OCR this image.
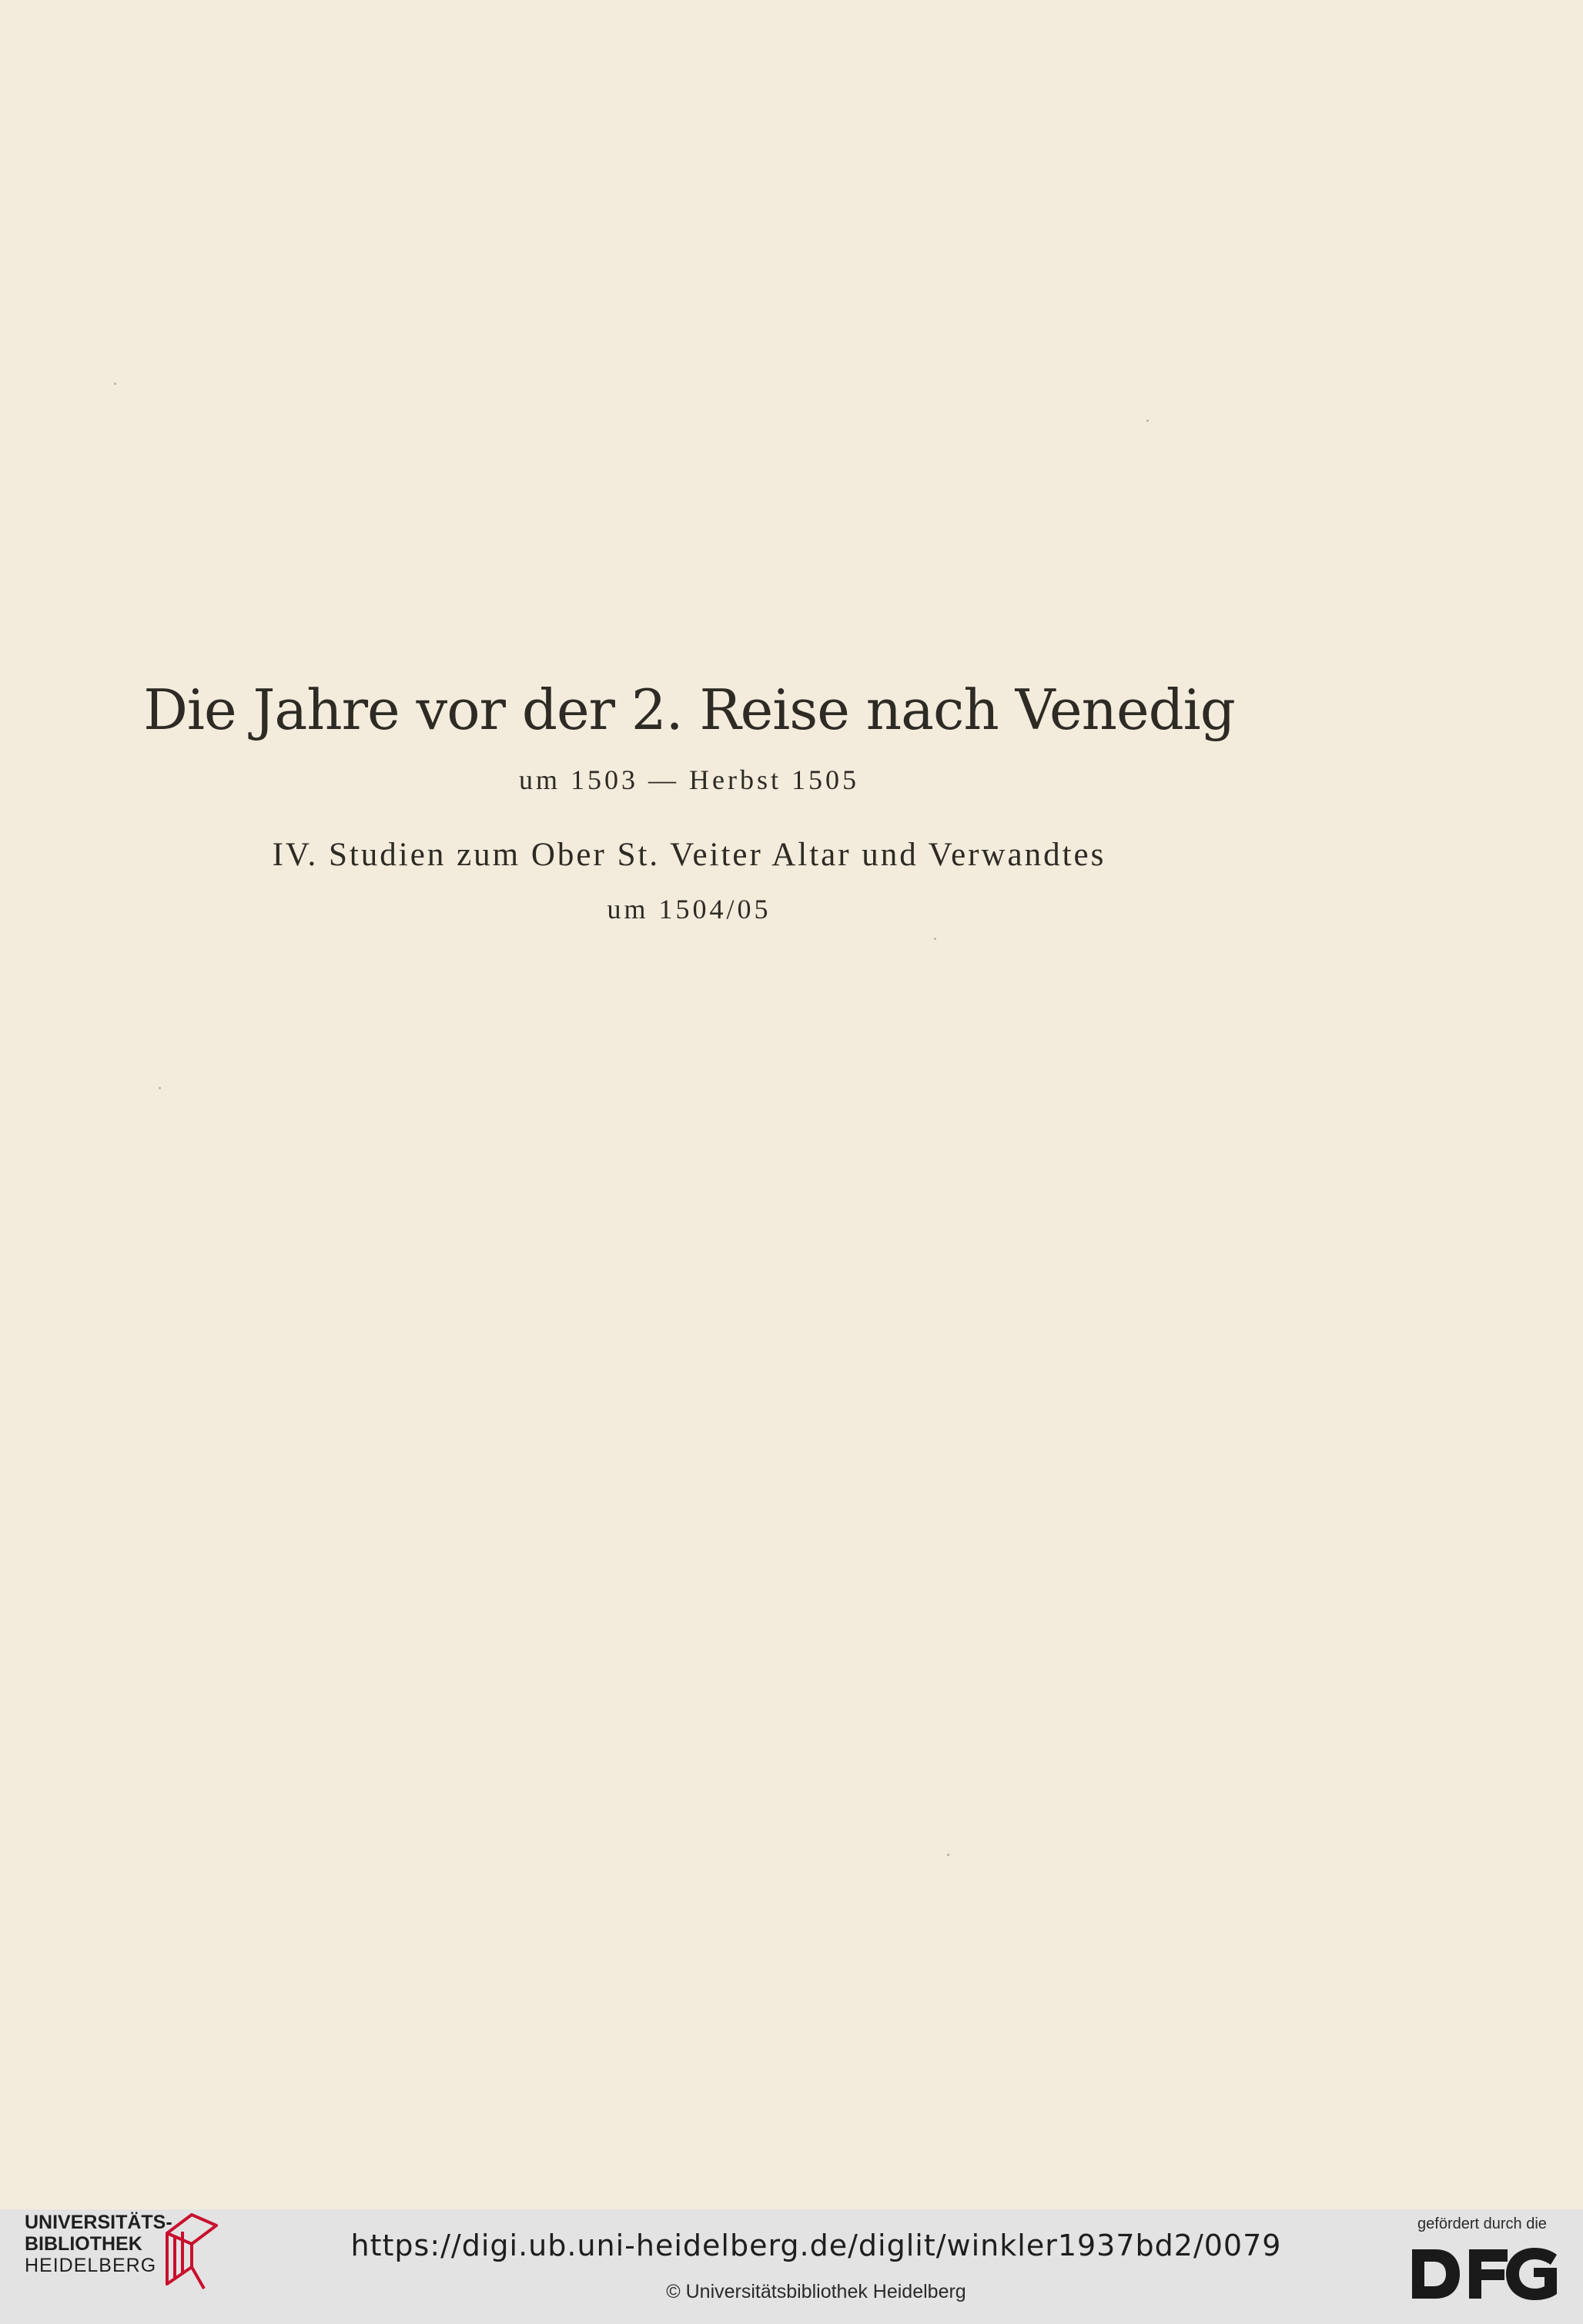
Die Jahre vor der 2. Reise nach Venedig
um 1503 — Herbst 1505
IV. Studien zum Ober St. Veiter Altar und Verwandtes
um 1504/05
UNIVERSITÄTS-
BIBLIOTHEK
HEIDELBERG
https://digi.ub.uni-heidelberg.de/diglit/winkler1937bd2/0079
© Universitätsbibliothek Heidelberg
gefördert durch die
